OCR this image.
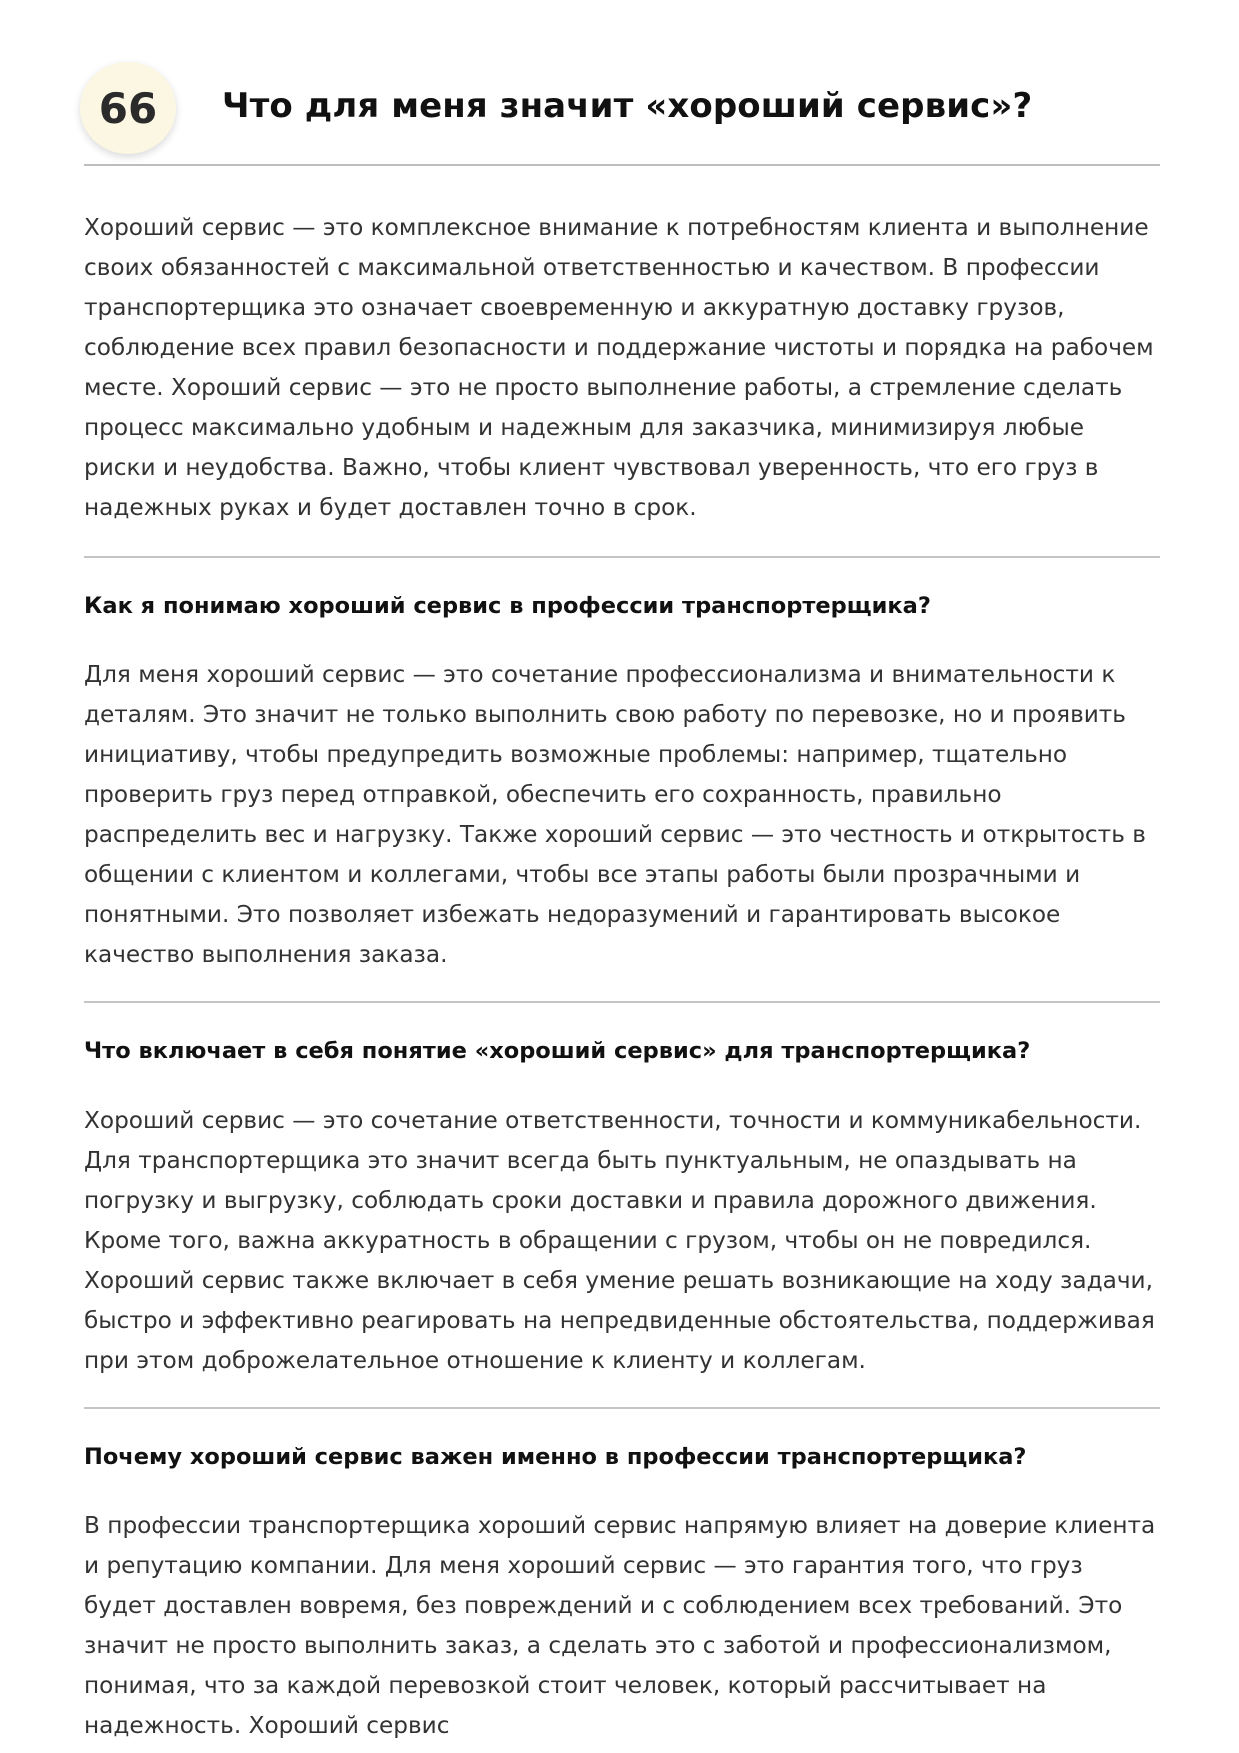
66	Что для меня значит «хороший сервис»?

Хороший сервис — это комплексное внимание к потребностям клиента и выполнение своих обязанностей с максимальной ответственностью и качеством. В профессии транспортерщика это означает своевременную и аккуратную доставку грузов, соблюдение всех правил безопасности и поддержание чистоты и порядка на рабочем месте. Хороший сервис — это не просто выполнение работы, а стремление сделать процесс максимально удобным и надежным для заказчика, минимизируя любые риски и неудобства. Важно, чтобы клиент чувствовал уверенность, что его груз в надежных руках и будет доставлен точно в срок.

Как я понимаю хороший сервис в профессии транспортерщика?

Для меня хороший сервис — это сочетание профессионализма и внимательности к деталям. Это значит не только выполнить свою работу по перевозке, но и проявить инициативу, чтобы предупредить возможные проблемы: например, тщательно проверить груз перед отправкой, обеспечить его сохранность, правильно распределить вес и нагрузку. Также хороший сервис — это честность и открытость в общении с клиентом и коллегами, чтобы все этапы работы были прозрачными и понятными. Это позволяет избежать недоразумений и гарантировать высокое качество выполнения заказа.

Что включает в себя понятие «хороший сервис» для транспортерщика?

Хороший сервис — это сочетание ответственности, точности и коммуникабельности. Для транспортерщика это значит всегда быть пунктуальным, не опаздывать на погрузку и выгрузку, соблюдать сроки доставки и правила дорожного движения. Кроме того, важна аккуратность в обращении с грузом, чтобы он не повредился. Хороший сервис также включает в себя умение решать возникающие на ходу задачи, быстро и эффективно реагировать на непредвиденные обстоятельства, поддерживая при этом доброжелательное отношение к клиенту и коллегам.

Почему хороший сервис важен именно в профессии транспортерщика?

В профессии транспортерщика хороший сервис напрямую влияет на доверие клиента и репутацию компании. Для меня хороший сервис — это гарантия того, что груз будет доставлен вовремя, без повреждений и с соблюдением всех требований. Это значит не просто выполнить заказ, а сделать это с заботой и профессионализмом, понимая, что за каждой перевозкой стоит человек, который рассчитывает на надежность. Хороший сервис
